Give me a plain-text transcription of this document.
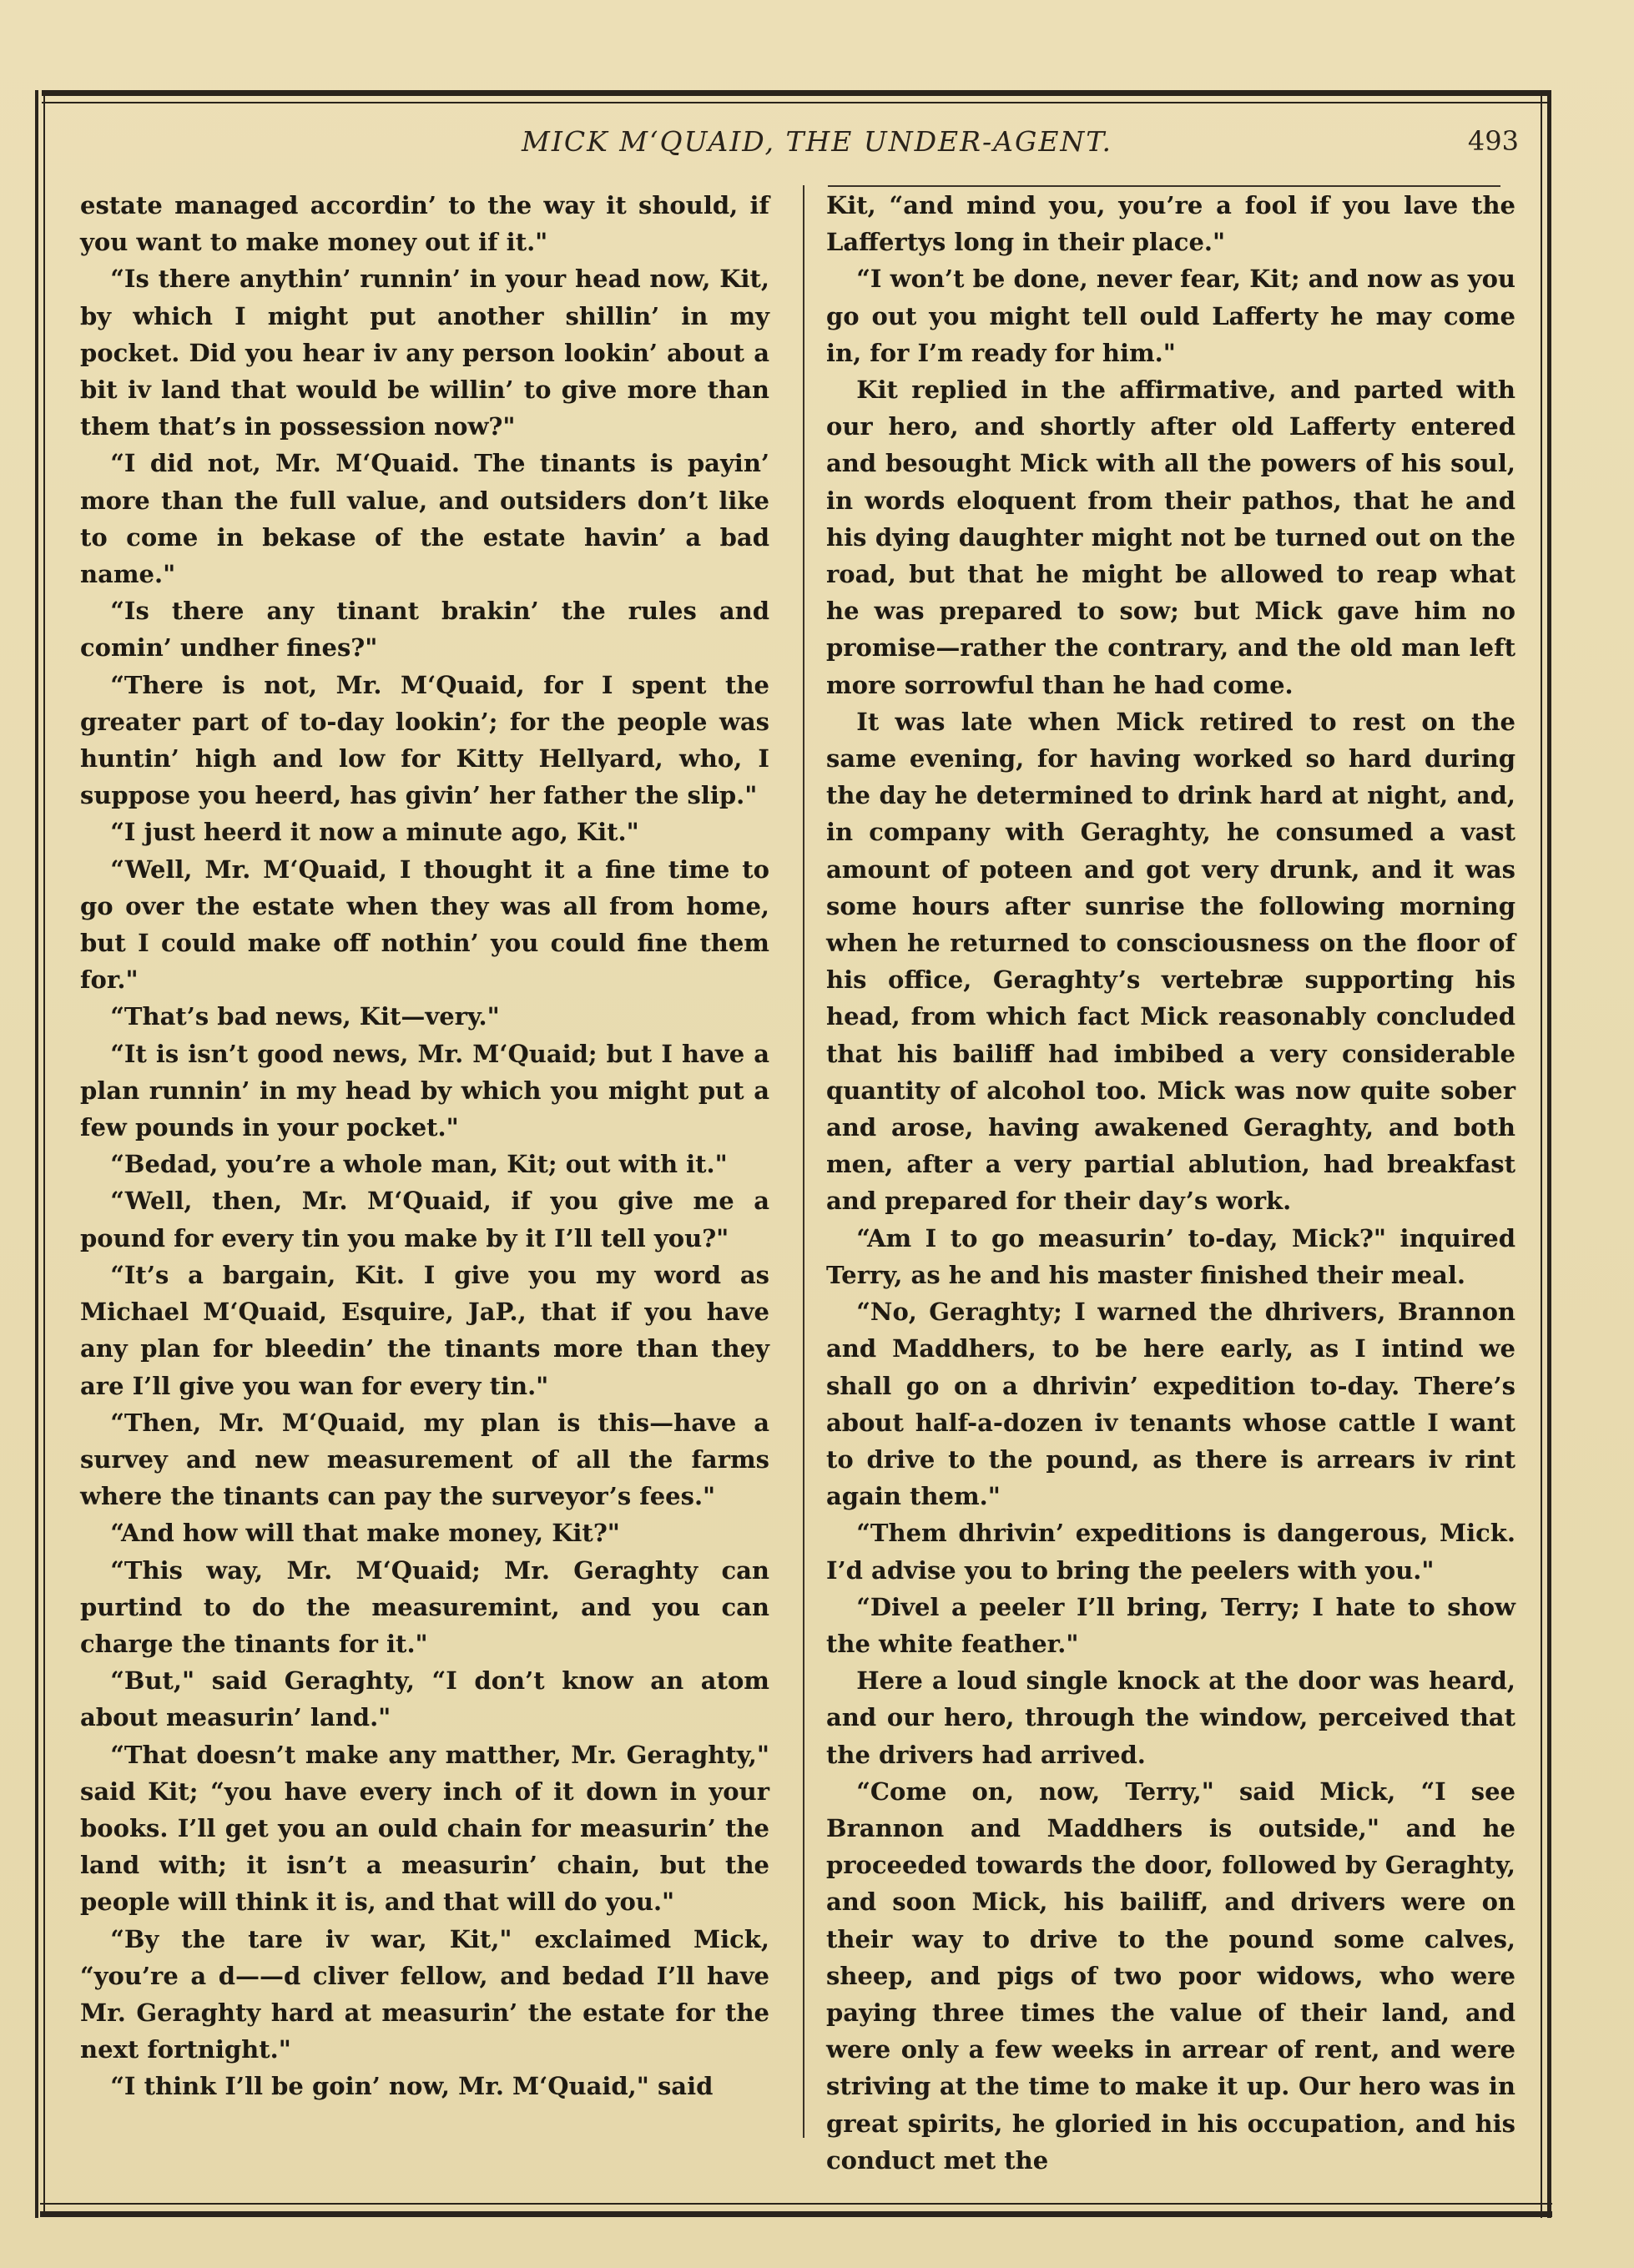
MICK M‘QUAID, THE UNDER-AGENT.	493

estate managed accordin’ to the way it should, if you want to make money out if it."

“Is there anythin’ runnin’ in your head now, Kit, by which I might put another shillin’ in my pocket. Did you hear iv any person lookin’ about a bit iv land that would be willin’ to give more than them that’s in possession now?"

“I did not, Mr. M‘Quaid. The tinants is payin’ more than the full value, and outsiders don’t like to come in bekase of the estate havin’ a bad name."

“Is there any tinant brakin’ the rules and comin’ undher fines?"

“There is not, Mr. M‘Quaid, for I spent the greater part of to-day lookin’; for the people was huntin’ high and low for Kitty Hellyard, who, I suppose you heerd, has givin’ her father the slip."

“I just heerd it now a minute ago, Kit."

“Well, Mr. M‘Quaid, I thought it a fine time to go over the estate when they was all from home, but I could make off nothin’ you could fine them for."

“That’s bad news, Kit—very."

“It is isn’t good news, Mr. M‘Quaid; but I have a plan runnin’ in my head by which you might put a few pounds in your pocket."

“Bedad, you’re a whole man, Kit; out with it."

“Well, then, Mr. M‘Quaid, if you give me a pound for every tin you make by it I’ll tell you?"

“It’s a bargain, Kit. I give you my word as Michael M‘Quaid, Esquire, JaP., that if you have any plan for bleedin’ the tinants more than they are I’ll give you wan for every tin."

“Then, Mr. M‘Quaid, my plan is this—have a survey and new measurement of all the farms where the tinants can pay the surveyor’s fees."

“And how will that make money, Kit?"

“This way, Mr. M‘Quaid; Mr. Geraghty can purtind to do the measuremint, and you can charge the tinants for it."

“But," said Geraghty, “I don’t know an atom about measurin’ land."

“That doesn’t make any matther, Mr. Geraghty," said Kit; “you have every inch of it down in your books. I’ll get you an ould chain for measurin’ the land with; it isn’t a measurin’ chain, but the people will think it is, and that will do you."

“By the tare iv war, Kit," exclaimed Mick, “you’re a d——d cliver fellow, and bedad I’ll have Mr. Geraghty hard at measurin’ the estate for the next fortnight."

“I think I’ll be goin’ now, Mr. M‘Quaid," said

Kit, “and mind you, you’re a fool if you lave the Laffertys long in their place."

“I won’t be done, never fear, Kit; and now as you go out you might tell ould Lafferty he may come in, for I’m ready for him."

Kit replied in the affirmative, and parted with our hero, and shortly after old Lafferty entered and besought Mick with all the powers of his soul, in words eloquent from their pathos, that he and his dying daughter might not be turned out on the road, but that he might be allowed to reap what he was prepared to sow; but Mick gave him no promise—rather the contrary, and the old man left more sorrowful than he had come.

It was late when Mick retired to rest on the same evening, for having worked so hard during the day he determined to drink hard at night, and, in company with Geraghty, he consumed a vast amount of poteen and got very drunk, and it was some hours after sunrise the following morning when he returned to consciousness on the floor of his office, Geraghty’s vertebræ supporting his head, from which fact Mick reasonably concluded that his bailiff had imbibed a very considerable quantity of alcohol too. Mick was now quite sober and arose, having awakened Geraghty, and both men, after a very partial ablution, had breakfast and prepared for their day’s work.

“Am I to go measurin’ to-day, Mick?" inquired Terry, as he and his master finished their meal.

“No, Geraghty; I warned the dhrivers, Brannon and Maddhers, to be here early, as I intind we shall go on a dhrivin’ expedition to-day. There’s about half-a-dozen iv tenants whose cattle I want to drive to the pound, as there is arrears iv rint again them."

“Them dhrivin’ expeditions is dangerous, Mick. I’d advise you to bring the peelers with you."

“Divel a peeler I’ll bring, Terry; I hate to show the white feather."

Here a loud single knock at the door was heard, and our hero, through the window, perceived that the drivers had arrived.

“Come on, now, Terry," said Mick, “I see Brannon and Maddhers is outside," and he proceeded towards the door, followed by Geraghty, and soon Mick, his bailiff, and drivers were on their way to drive to the pound some calves, sheep, and pigs of two poor widows, who were paying three times the value of their land, and were only a few weeks in arrear of rent, and were striving at the time to make it up. Our hero was in great spirits, he gloried in his occupation, and his conduct met the
